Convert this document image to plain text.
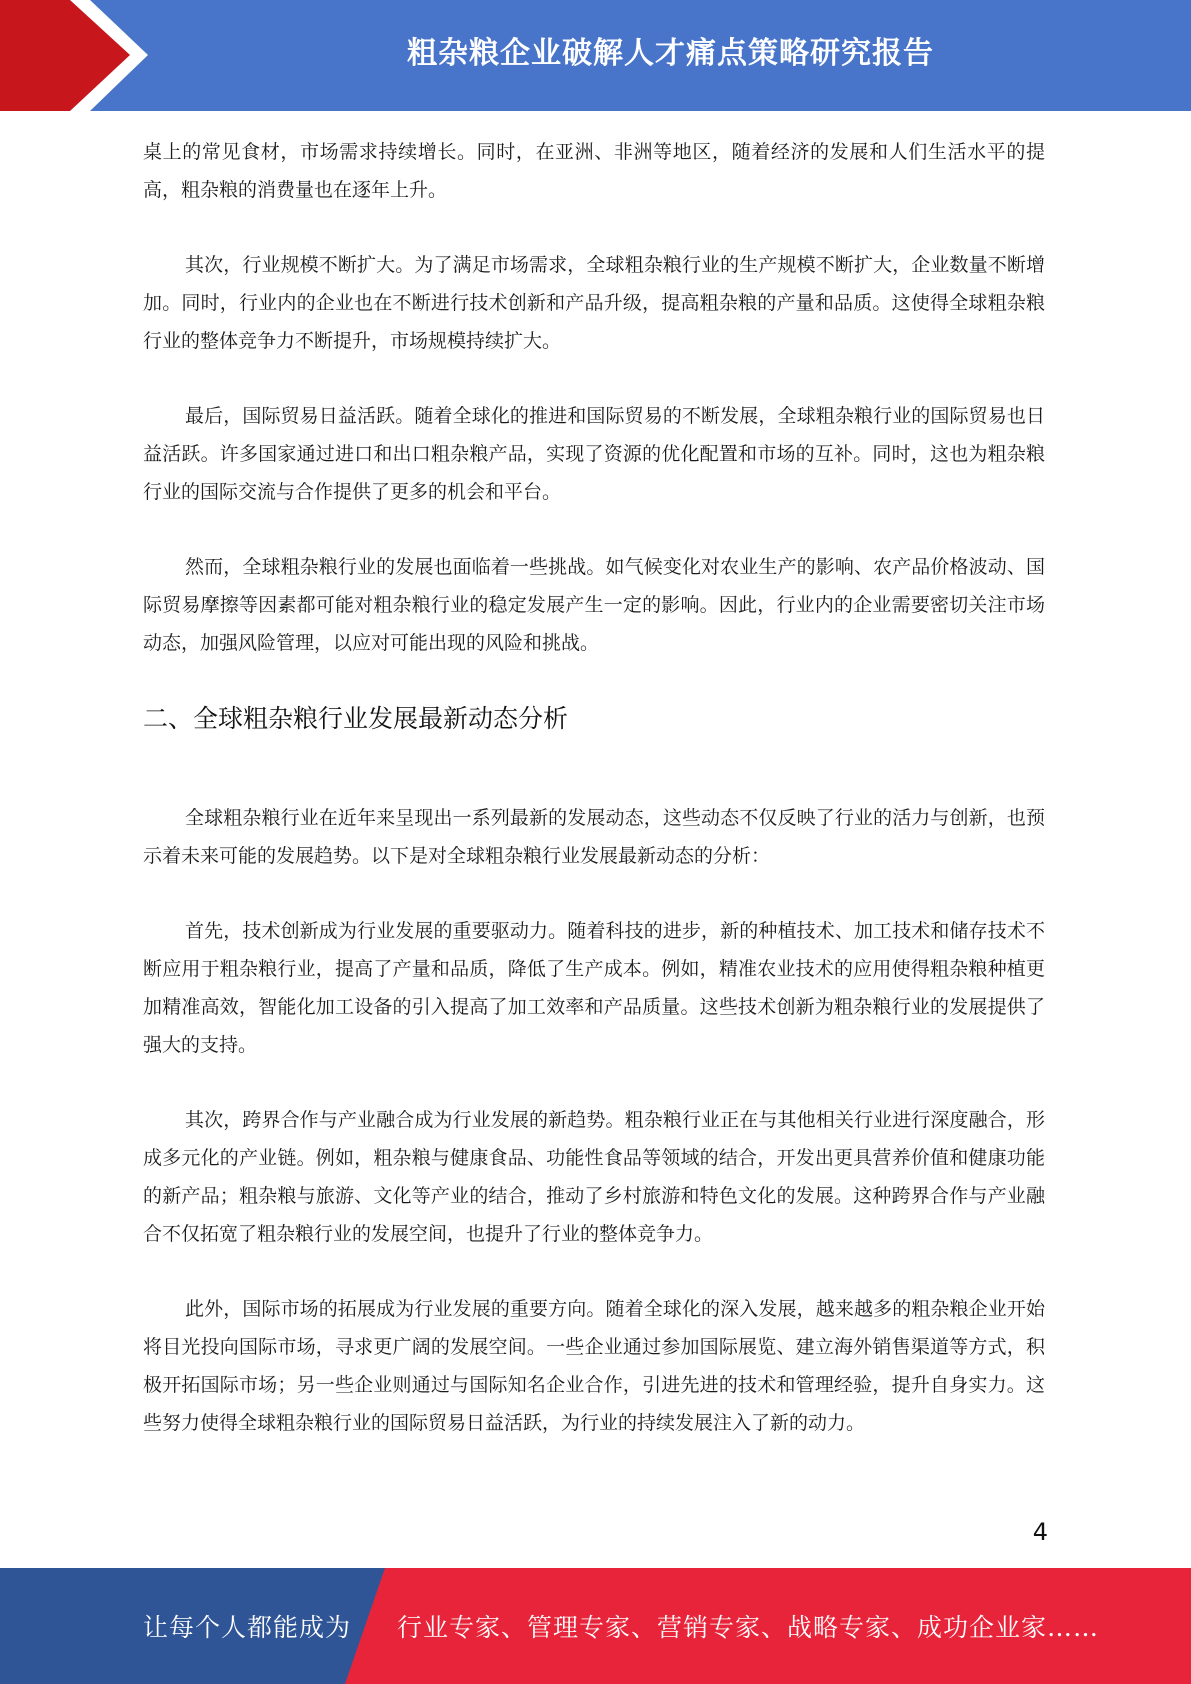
粗杂粮企业破解人才痛点策略研究报告

桌上的常见食材，市场需求持续增长。同时，在亚洲、非洲等地区，随着经济的发展和人们生活水平的提高，粗杂粮的消费量也在逐年上升。

其次，行业规模不断扩大。为了满足市场需求，全球粗杂粮行业的生产规模不断扩大，企业数量不断增加。同时，行业内的企业也在不断进行技术创新和产品升级，提高粗杂粮的产量和品质。这使得全球粗杂粮行业的整体竞争力不断提升，市场规模持续扩大。

最后，国际贸易日益活跃。随着全球化的推进和国际贸易的不断发展，全球粗杂粮行业的国际贸易也日益活跃。许多国家通过进口和出口粗杂粮产品，实现了资源的优化配置和市场的互补。同时，这也为粗杂粮行业的国际交流与合作提供了更多的机会和平台。

然而，全球粗杂粮行业的发展也面临着一些挑战。如气候变化对农业生产的影响、农产品价格波动、国际贸易摩擦等因素都可能对粗杂粮行业的稳定发展产生一定的影响。因此，行业内的企业需要密切关注市场动态，加强风险管理，以应对可能出现的风险和挑战。

二、全球粗杂粮行业发展最新动态分析

全球粗杂粮行业在近年来呈现出一系列最新的发展动态，这些动态不仅反映了行业的活力与创新，也预示着未来可能的发展趋势。以下是对全球粗杂粮行业发展最新动态的分析：

首先，技术创新成为行业发展的重要驱动力。随着科技的进步，新的种植技术、加工技术和储存技术不断应用于粗杂粮行业，提高了产量和品质，降低了生产成本。例如，精准农业技术的应用使得粗杂粮种植更加精准高效，智能化加工设备的引入提高了加工效率和产品质量。这些技术创新为粗杂粮行业的发展提供了强大的支持。

其次，跨界合作与产业融合成为行业发展的新趋势。粗杂粮行业正在与其他相关行业进行深度融合，形成多元化的产业链。例如，粗杂粮与健康食品、功能性食品等领域的结合，开发出更具营养价值和健康功能的新产品；粗杂粮与旅游、文化等产业的结合，推动了乡村旅游和特色文化的发展。这种跨界合作与产业融合不仅拓宽了粗杂粮行业的发展空间，也提升了行业的整体竞争力。

此外，国际市场的拓展成为行业发展的重要方向。随着全球化的深入发展，越来越多的粗杂粮企业开始将目光投向国际市场，寻求更广阔的发展空间。一些企业通过参加国际展览、建立海外销售渠道等方式，积极开拓国际市场；另一些企业则通过与国际知名企业合作，引进先进的技术和管理经验，提升自身实力。这些努力使得全球粗杂粮行业的国际贸易日益活跃，为行业的持续发展注入了新的动力。

4
让每个人都能成为 行业专家、管理专家、营销专家、战略专家、成功企业家……
